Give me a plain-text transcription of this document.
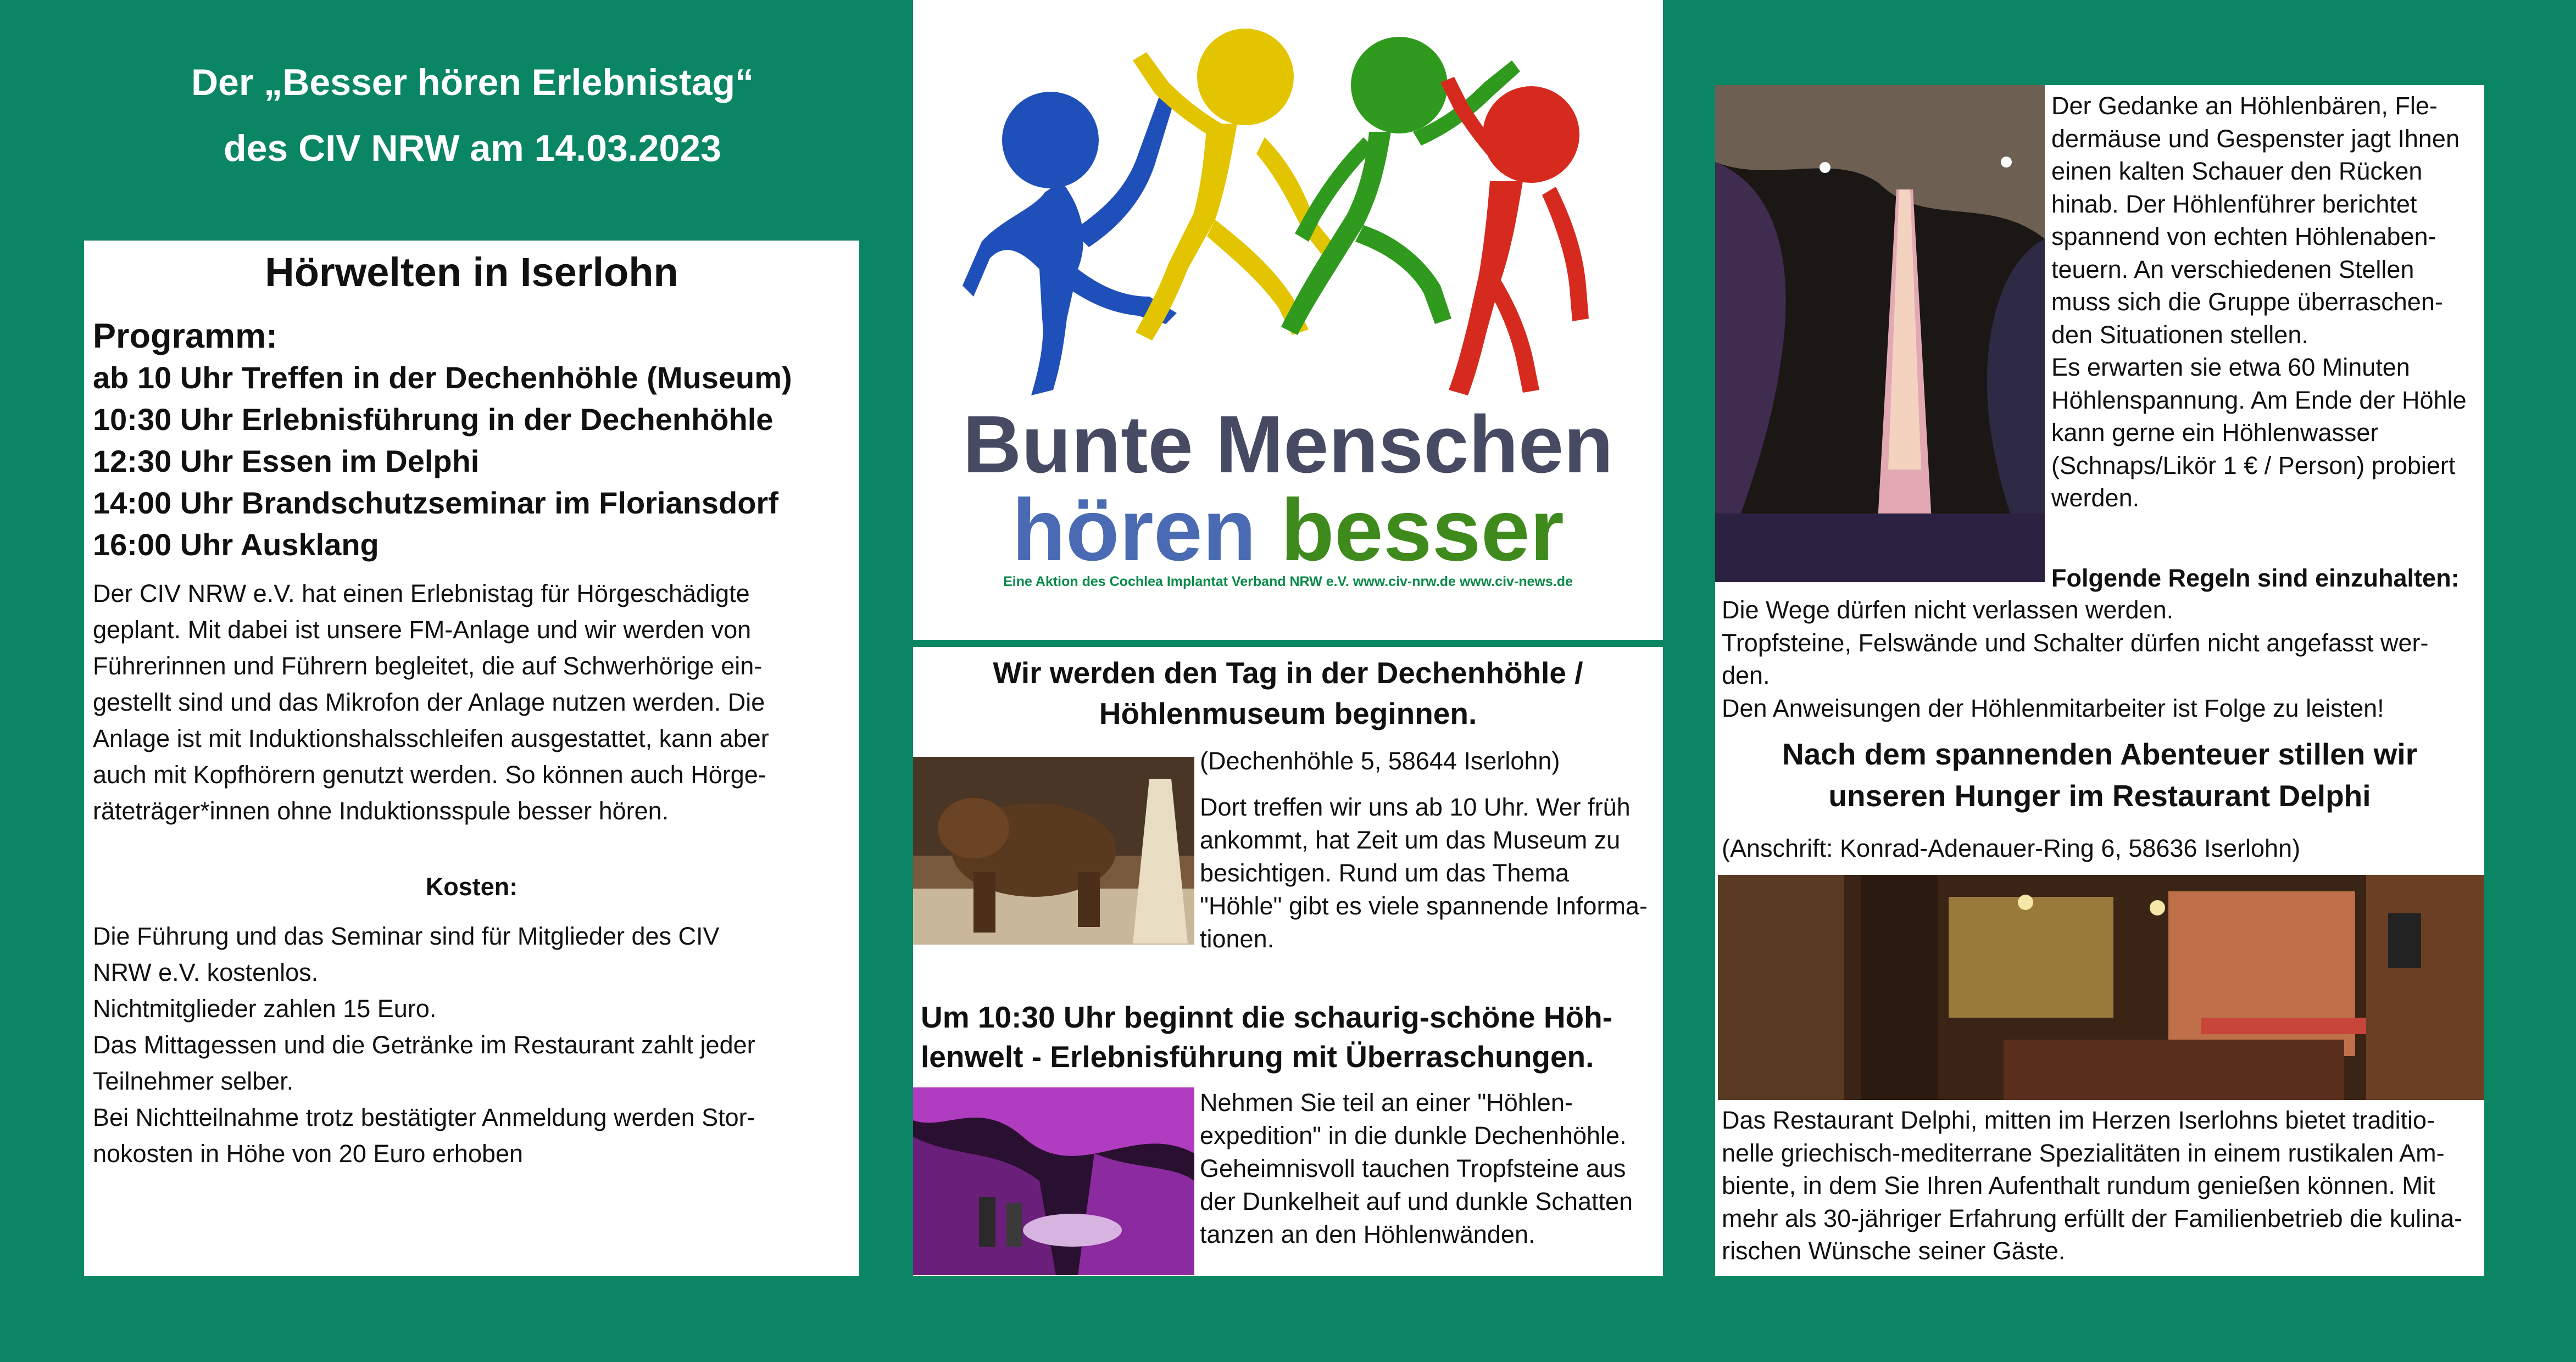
Der „Besser hören Erlebnistag“
des CIV NRW am 14.03.2023
Hörwelten in Iserlohn
Programm:
ab 10 Uhr Treffen in der Dechenhöhle (Museum)
10:30 Uhr Erlebnisführung in der Dechenhöhle
12:30 Uhr Essen im Delphi
14:00 Uhr Brandschutzseminar im Floriansdorf
16:00 Uhr Ausklang
Der CIV NRW e.V. hat einen Erlebnistag für Hörgeschädigte
geplant. Mit dabei ist unsere FM-Anlage und wir werden von
Führerinnen und Führern begleitet, die auf Schwerhörige ein-
gestellt sind und das Mikrofon der Anlage nutzen werden. Die
Anlage ist mit Induktionshalsschleifen ausgestattet, kann aber
auch mit Kopfhörern genutzt werden. So können auch Hörge-
räteträger*innen ohne Induktionsspule besser hören.
Kosten:
Die Führung und das Seminar sind für Mitglieder des CIV
NRW e.V. kostenlos.
Nichtmitglieder zahlen 15 Euro.
Das Mittagessen und die Getränke im Restaurant zahlt jeder
Teilnehmer selber.
Bei Nichtteilnahme trotz bestätigter Anmeldung werden Stor-
nokosten in Höhe von 20 Euro erhoben
Bunte Menschen
hören besser
Eine Aktion des Cochlea Implantat Verband NRW e.V. www.civ-nrw.de www.civ-news.de
Wir werden den Tag in der Dechenhöhle /
Höhlenmuseum beginnen.
(Dechenhöhle 5, 58644 Iserlohn)
Dort treffen wir uns ab 10 Uhr. Wer früh
ankommt, hat Zeit um das Museum zu
besichtigen. Rund um das Thema
"Höhle" gibt es viele spannende Informa-
tionen.
Um 10:30 Uhr beginnt die schaurig-schöne Höh-
lenwelt - Erlebnisführung mit Überraschungen.
Nehmen Sie teil an einer "Höhlen-
expedition" in die dunkle Dechenhöhle.
Geheimnisvoll tauchen Tropfsteine aus
der Dunkelheit auf und dunkle Schatten
tanzen an den Höhlenwänden.
Der Gedanke an Höhlenbären, Fle-
dermäuse und Gespenster jagt Ihnen
einen kalten Schauer den Rücken
hinab. Der Höhlenführer berichtet
spannend von echten Höhlenaben-
teuern. An verschiedenen Stellen
muss sich die Gruppe überraschen-
den Situationen stellen.
Es erwarten sie etwa 60 Minuten
Höhlenspannung. Am Ende der Höhle
kann gerne ein Höhlenwasser
(Schnaps/Likör 1 € / Person) probiert
werden.
Folgende Regeln sind einzuhalten:
Die Wege dürfen nicht verlassen werden.
Tropfsteine, Felswände und Schalter dürfen nicht angefasst wer-
den.
Den Anweisungen der Höhlenmitarbeiter ist Folge zu leisten!
Nach dem spannenden Abenteuer stillen wir
unseren Hunger im Restaurant Delphi
(Anschrift: Konrad-Adenauer-Ring 6, 58636 Iserlohn)
Das Restaurant Delphi, mitten im Herzen Iserlohns bietet traditio-
nelle griechisch-mediterrane Spezialitäten in einem rustikalen Am-
biente, in dem Sie Ihren Aufenthalt rundum genießen können. Mit
mehr als 30-jähriger Erfahrung erfüllt der Familienbetrieb die kulina-
rischen Wünsche seiner Gäste.
